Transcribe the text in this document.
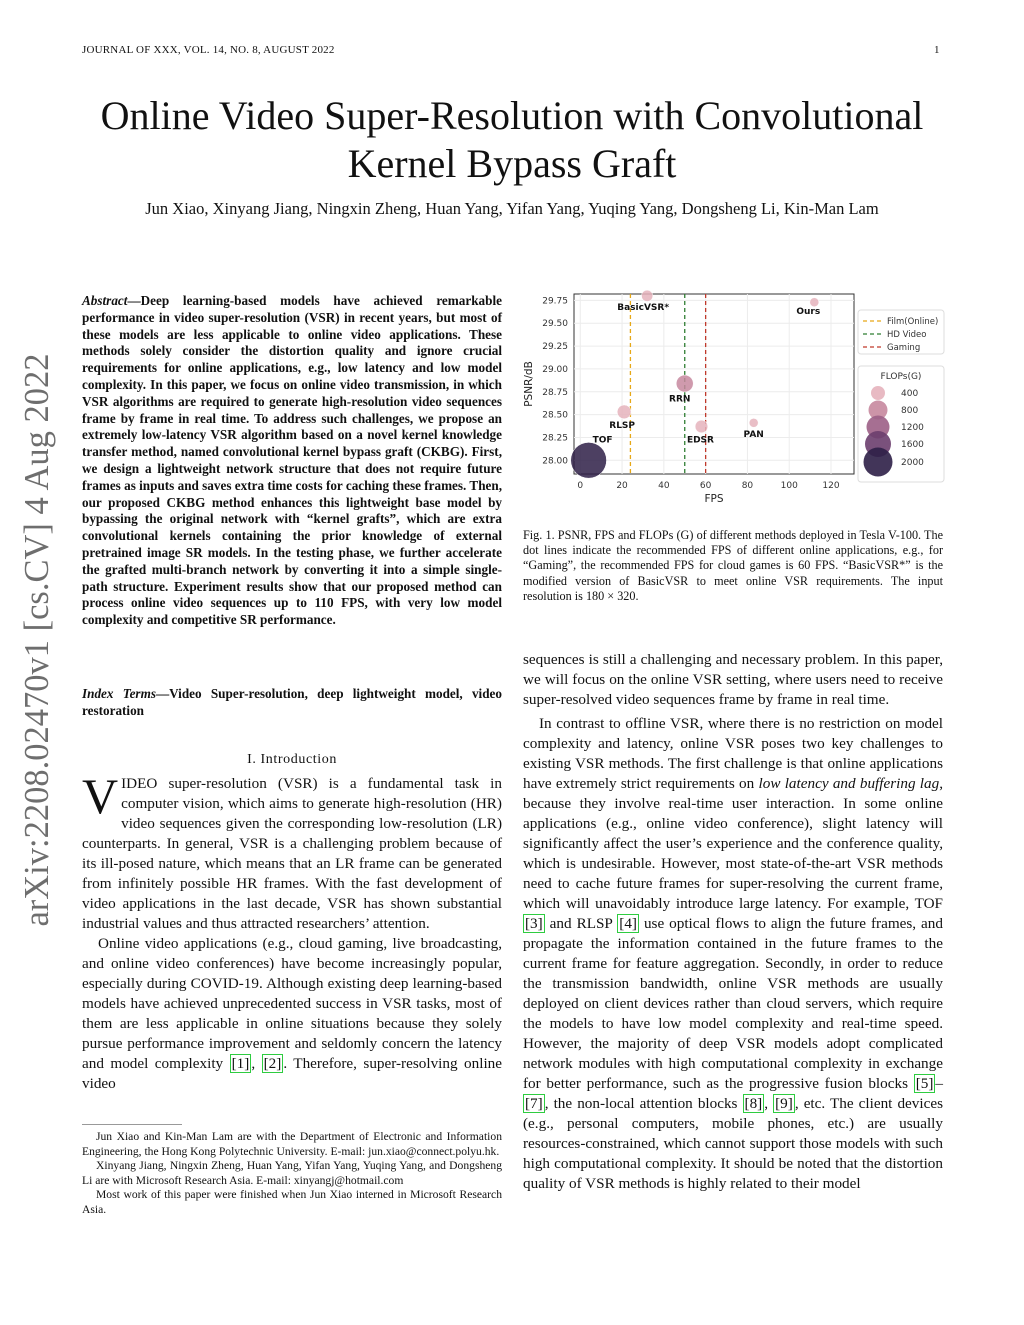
JOURNAL OF XXX, VOL. 14, NO. 8, AUGUST 2022	1
Online Video Super-Resolution with Convolutional Kernel Bypass Graft
Jun Xiao, Xinyang Jiang, Ningxin Zheng, Huan Yang, Yifan Yang, Yuqing Yang, Dongsheng Li, Kin-Man Lam
arXiv:2208.02470v1 [cs.CV] 4 Aug 2022
Abstract—Deep learning-based models have achieved remarkable performance in video super-resolution (VSR) in recent years, but most of these models are less applicable to online video applications. These methods solely consider the distortion quality and ignore crucial requirements for online applications, e.g., low latency and low model complexity. In this paper, we focus on online video transmission, in which VSR algorithms are required to generate high-resolution video sequences frame by frame in real time. To address such challenges, we propose an extremely low-latency VSR algorithm based on a novel kernel knowledge transfer method, named convolutional kernel bypass graft (CKBG). First, we design a lightweight network structure that does not require future frames as inputs and saves extra time costs for caching these frames. Then, our proposed CKBG method enhances this lightweight base model by bypassing the original network with “kernel grafts”, which are extra convolutional kernels containing the prior knowledge of external pretrained image SR models. In the testing phase, we further accelerate the grafted multi-branch network by converting it into a simple single-path structure. Experiment results show that our proposed method can process online video sequences up to 110 FPS, with very low model complexity and competitive SR performance.
Index Terms—Video Super-resolution, deep lightweight model, video restoration
I. Introduction

VIDEO super-resolution (VSR) is a fundamental task in computer vision, which aims to generate high-resolution (HR) video sequences given the corresponding low-resolution (LR) counterparts. In general, VSR is a challenging problem because of its ill-posed nature, which means that an LR frame can be generated from infinitely possible HR frames. With the fast development of video applications in the last decade, VSR has shown substantial industrial values and thus attracted researchers’ attention.

Online video applications (e.g., cloud gaming, live broadcasting, and online video conferences) have become increasingly popular, especially during COVID-19. Although existing deep learning-based models have achieved unprecedented success in VSR tasks, most of them are less applicable in online situations because they solely pursue performance improvement and seldomly concern the latency and model complexity [1] , [2] . Therefore, super-resolving online video

Jun Xiao and Kin-Man Lam are with the Department of Electronic and Information Engineering, the Hong Kong Polytechnic University. E-mail: jun.xiao@connect.polyu.hk.

Xinyang Jiang, Ningxin Zheng, Huan Yang, Yifan Yang, Yuqing Yang, and Dongsheng Li are with Microsoft Research Asia. E-mail: xinyangj@hotmail.com

Most work of this paper were finished when Jun Xiao interned in Microsoft Research Asia.

TOF
RLSP
BasicVSR*
RRN
EDSR
PAN
Ours
0	20	40	60	80	100	120
28.00
28.25
28.50
28.75
29.00
29.25
29.50
29.75
FPS
PSNR/dB
Film(Online)
HD Video
Gaming
FLOPs(G)
400
800
1200
1600
2000
Fig. 1. PSNR, FPS and FLOPs (G) of different methods deployed in Tesla V-100. The dot lines indicate the recommended FPS of different online applications, e.g., for “Gaming”, the recommended FPS for cloud games is 60 FPS. “BasicVSR*” is the modified version of BasicVSR to meet online VSR requirements. The input resolution is 180 × 320.

sequences is still a challenging and necessary problem. In this paper, we will focus on the online VSR setting, where users need to receive super-resolved video sequences frame by frame in real time.

In contrast to offline VSR, where there is no restriction on model complexity and latency, online VSR poses two key challenges to existing VSR methods. The first challenge is that online applications have extremely strict requirements on low latency and buffering lag, because they involve real-time user interaction. In some online applications (e.g., online video conference), slight latency will significantly affect the user’s experience and the conference quality, which is undesirable. However, most state-of-the-art VSR methods need to cache future frames for super-resolving the current frame, which will unavoidably introduce large latency. For example, TOF [3] and RLSP [4] use optical flows to align the future frames, and propagate the information contained in the future frames to the current frame for feature aggregation. Secondly, in order to reduce the transmission bandwidth, online VSR methods are usually deployed on client devices rather than cloud servers, which require the models to have low model complexity and real-time speed. However, the majority of deep VSR models adopt complicated network modules with high computational complexity in exchange for better performance, such as the progressive fusion blocks [5] –[7] , the non-local attention blocks [8] , [9] , etc. The client devices (e.g., personal computers, mobile phones, etc.) are usually resources-constrained, which cannot support those models with such high computational complexity. It should be noted that the distortion quality of VSR methods is highly related to their model
